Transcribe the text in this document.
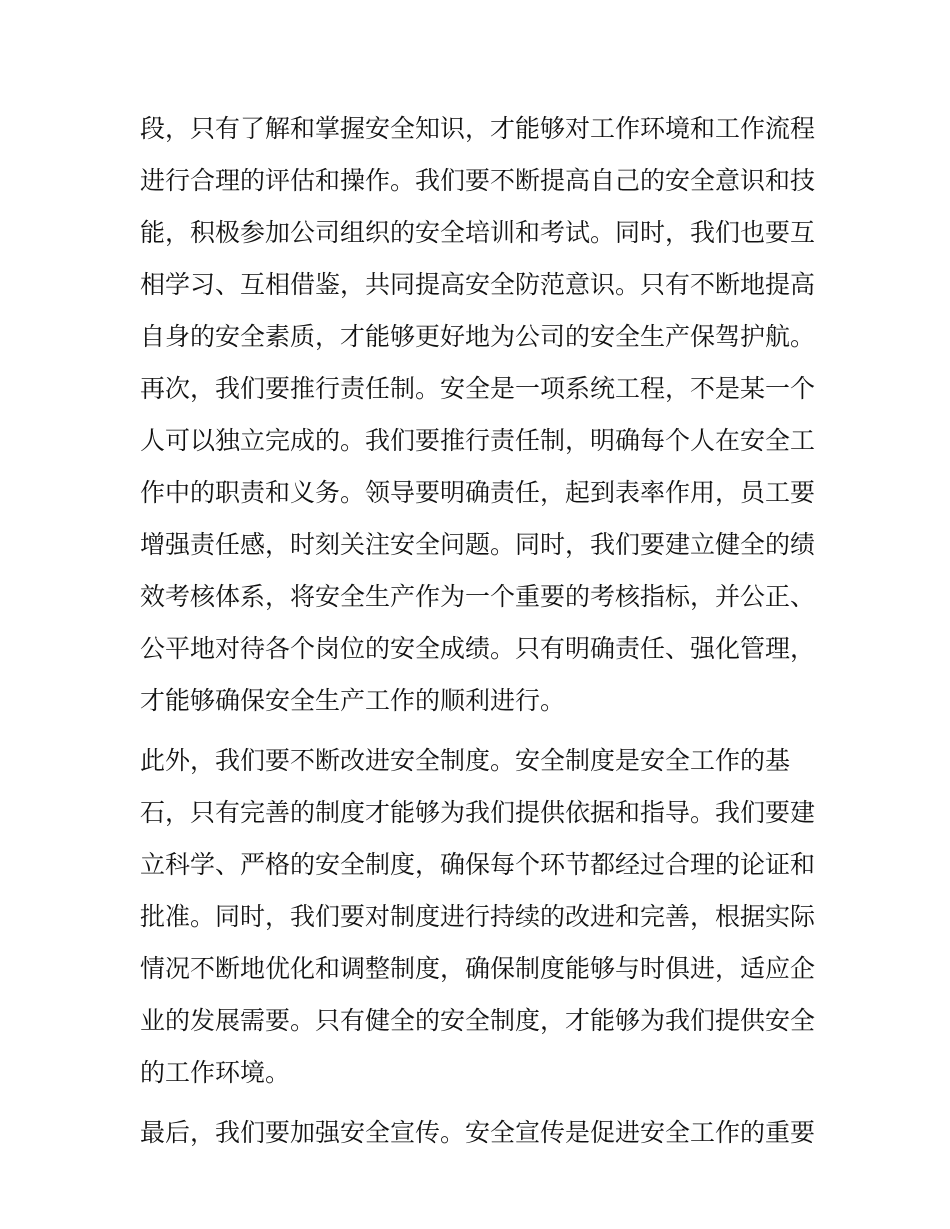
段，只有了解和掌握安全知识，才能够对工作环境和工作流程
进行合理的评估和操作。我们要不断提高自己的安全意识和技
能，积极参加公司组织的安全培训和考试。同时，我们也要互
相学习、互相借鉴，共同提高安全防范意识。只有不断地提高
自身的安全素质，才能够更好地为公司的安全生产保驾护航。
再次，我们要推行责任制。安全是一项系统工程，不是某一个
人可以独立完成的。我们要推行责任制，明确每个人在安全工
作中的职责和义务。领导要明确责任，起到表率作用，员工要
增强责任感，时刻关注安全问题。同时，我们要建立健全的绩
效考核体系，将安全生产作为一个重要的考核指标，并公正、
公平地对待各个岗位的安全成绩。只有明确责任、强化管理，
才能够确保安全生产工作的顺利进行。
此外，我们要不断改进安全制度。安全制度是安全工作的基
石，只有完善的制度才能够为我们提供依据和指导。我们要建
立科学、严格的安全制度，确保每个环节都经过合理的论证和
批准。同时，我们要对制度进行持续的改进和完善，根据实际
情况不断地优化和调整制度，确保制度能够与时俱进，适应企
业的发展需要。只有健全的安全制度，才能够为我们提供安全
的工作环境。
最后，我们要加强安全宣传。安全宣传是促进安全工作的重要
